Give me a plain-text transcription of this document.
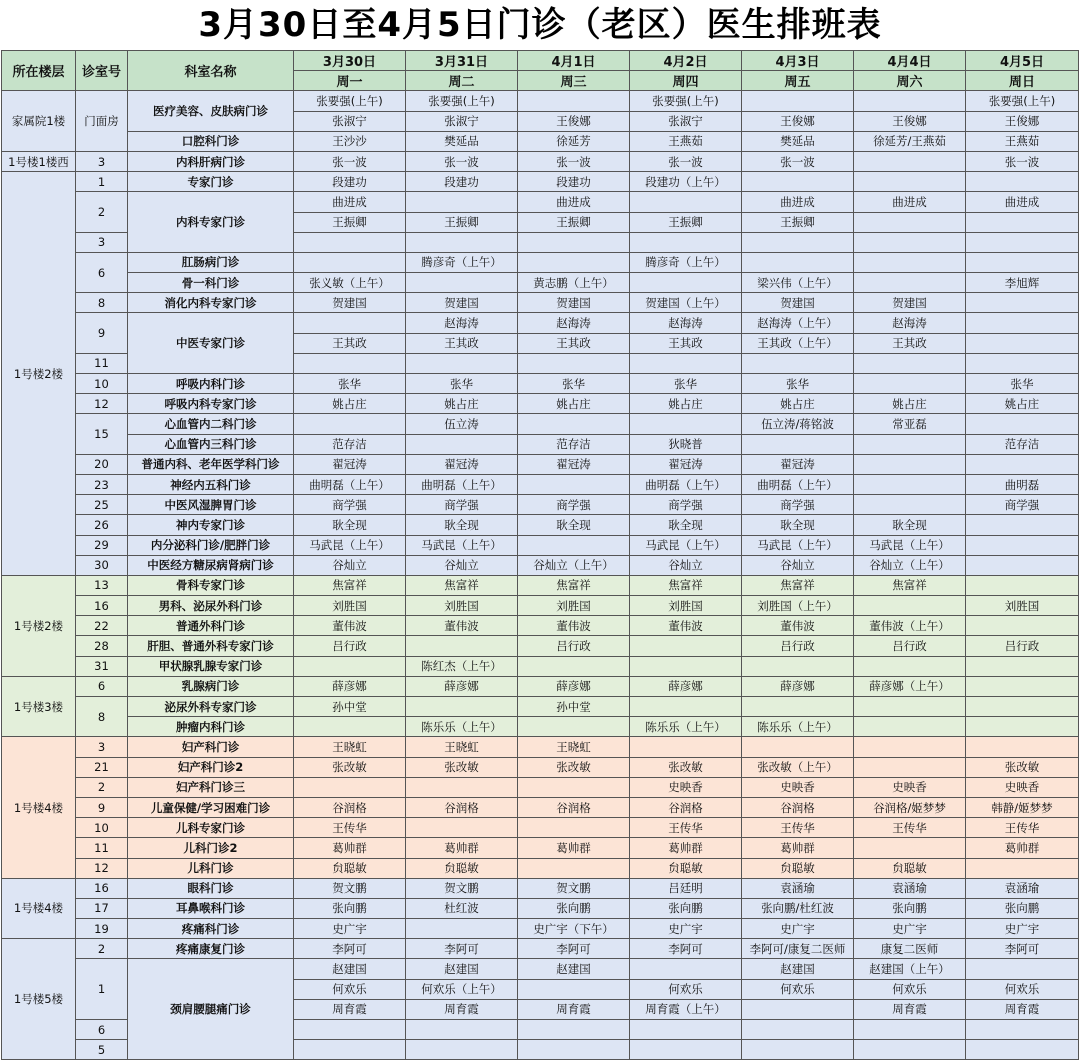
3月30日至4月5日门诊（老区）医生排班表
所在楼层	诊室号	科室名称	3月30日	3月31日	4月1日	4月2日	4月3日	4月4日	4月5日
			周一	周二	周三	周四	周五	周六	周日
家属院1楼	门面房	医疗美容、皮肤病门诊	张要强(上午)	张要强(上午)		张要强(上午)			张要强(上午)
			张淑宁	张淑宁	王俊娜	张淑宁	王俊娜	王俊娜	王俊娜
		口腔科门诊	王沙沙	樊延品	徐延芳	王燕茹	樊延品	徐延芳/王燕茹	王燕茹
1号楼1楼西	3	内科肝病门诊	张一波	张一波	张一波	张一波	张一波		张一波
1号楼2楼	1	专家门诊	段建功	段建功	段建功	段建功（上午）			
	2	内科专家门诊	曲进成		曲进成		曲进成	曲进成	曲进成
			王振卿	王振卿	王振卿	王振卿	王振卿		
	3								
	6	肛肠病门诊		腾彦奇（上午）		腾彦奇（上午）			
		骨一科门诊	张义敏（上午）		黄志鹏（上午）		梁兴伟（上午）		李旭辉
	8	消化内科专家门诊	贺建国	贺建国	贺建国	贺建国（上午）	贺建国	贺建国	
	9	中医专家门诊		赵海涛	赵海涛	赵海涛	赵海涛（上午）	赵海涛	
			王其政	王其政	王其政	王其政	王其政（上午）	王其政	
	11								
	10	呼吸内科门诊	张华	张华	张华	张华	张华		张华
	12	呼吸内科专家门诊	姚占庄	姚占庄	姚占庄	姚占庄	姚占庄	姚占庄	姚占庄
	15	心血管内二科门诊		伍立涛			伍立涛/蒋铭波	常亚磊	
		心血管内三科门诊	范存洁		范存洁	狄晓普			范存洁
	20	普通内科、老年医学科门诊	翟冠涛	翟冠涛	翟冠涛	翟冠涛	翟冠涛		
	23	神经内五科门诊	曲明磊（上午）	曲明磊（上午）		曲明磊（上午）	曲明磊（上午）		曲明磊
	25	中医风湿脾胃门诊	商学强	商学强	商学强	商学强	商学强		商学强
	26	神内专家门诊	耿全现	耿全现	耿全现	耿全现	耿全现	耿全现	
	29	内分泌科门诊/肥胖门诊	马武昆（上午）	马武昆（上午）		马武昆（上午）	马武昆（上午）	马武昆（上午）	
	30	中医经方糖尿病肾病门诊	谷灿立	谷灿立	谷灿立（上午）	谷灿立	谷灿立	谷灿立（上午）	
1号楼2楼	13	骨科专家门诊	焦富祥	焦富祥	焦富祥	焦富祥	焦富祥	焦富祥	
	16	男科、泌尿外科门诊	刘胜国	刘胜国	刘胜国	刘胜国	刘胜国（上午）		刘胜国
	22	普通外科门诊	董伟波	董伟波	董伟波	董伟波	董伟波	董伟波（上午）	
	28	肝胆、普通外科专家门诊	吕行政		吕行政		吕行政	吕行政	吕行政
	31	甲状腺乳腺专家门诊		陈红杰（上午）					
1号楼3楼	6	乳腺病门诊	薛彦娜	薛彦娜	薛彦娜	薛彦娜	薛彦娜	薛彦娜（上午）	
	8	泌尿外科专家门诊	孙中堂		孙中堂				
		肿瘤内科门诊		陈乐乐（上午）		陈乐乐（上午）	陈乐乐（上午）		
1号楼4楼	3	妇产科门诊	王晓虹	王晓虹	王晓虹				
	21	妇产科门诊2	张改敏	张改敏	张改敏	张改敏	张改敏（上午）		张改敏
	2	妇产科门诊三				史映香	史映香	史映香	史映香
	9	儿童保健/学习困难门诊	谷润格	谷润格	谷润格	谷润格	谷润格	谷润格/姬梦梦	韩静/姬梦梦
	10	儿科专家门诊	王传华			王传华	王传华	王传华	王传华
	11	儿科门诊2	葛帅群	葛帅群	葛帅群	葛帅群	葛帅群		葛帅群
	12	儿科门诊	贠聪敏	贠聪敏		贠聪敏	贠聪敏	贠聪敏	
1号楼4楼	16	眼科门诊	贺文鹏	贺文鹏	贺文鹏	吕廷明	袁涵瑜	袁涵瑜	袁涵瑜
	17	耳鼻喉科门诊	张向鹏	杜红波	张向鹏	张向鹏	张向鹏/杜红波	张向鹏	张向鹏
	19	疼痛科门诊	史广宇		史广宇（下午）	史广宇	史广宇	史广宇	史广宇
1号楼5楼	2	疼痛康复门诊	李阿可	李阿可	李阿可	李阿可	李阿可/康复二医师	康复二医师	李阿可
	1	颈肩腰腿痛门诊	赵建国	赵建国	赵建国		赵建国	赵建国（上午）	
			何欢乐	何欢乐（上午）		何欢乐	何欢乐	何欢乐	何欢乐
			周育霞	周育霞	周育霞	周育霞（上午）		周育霞	周育霞
	6								
	5								
